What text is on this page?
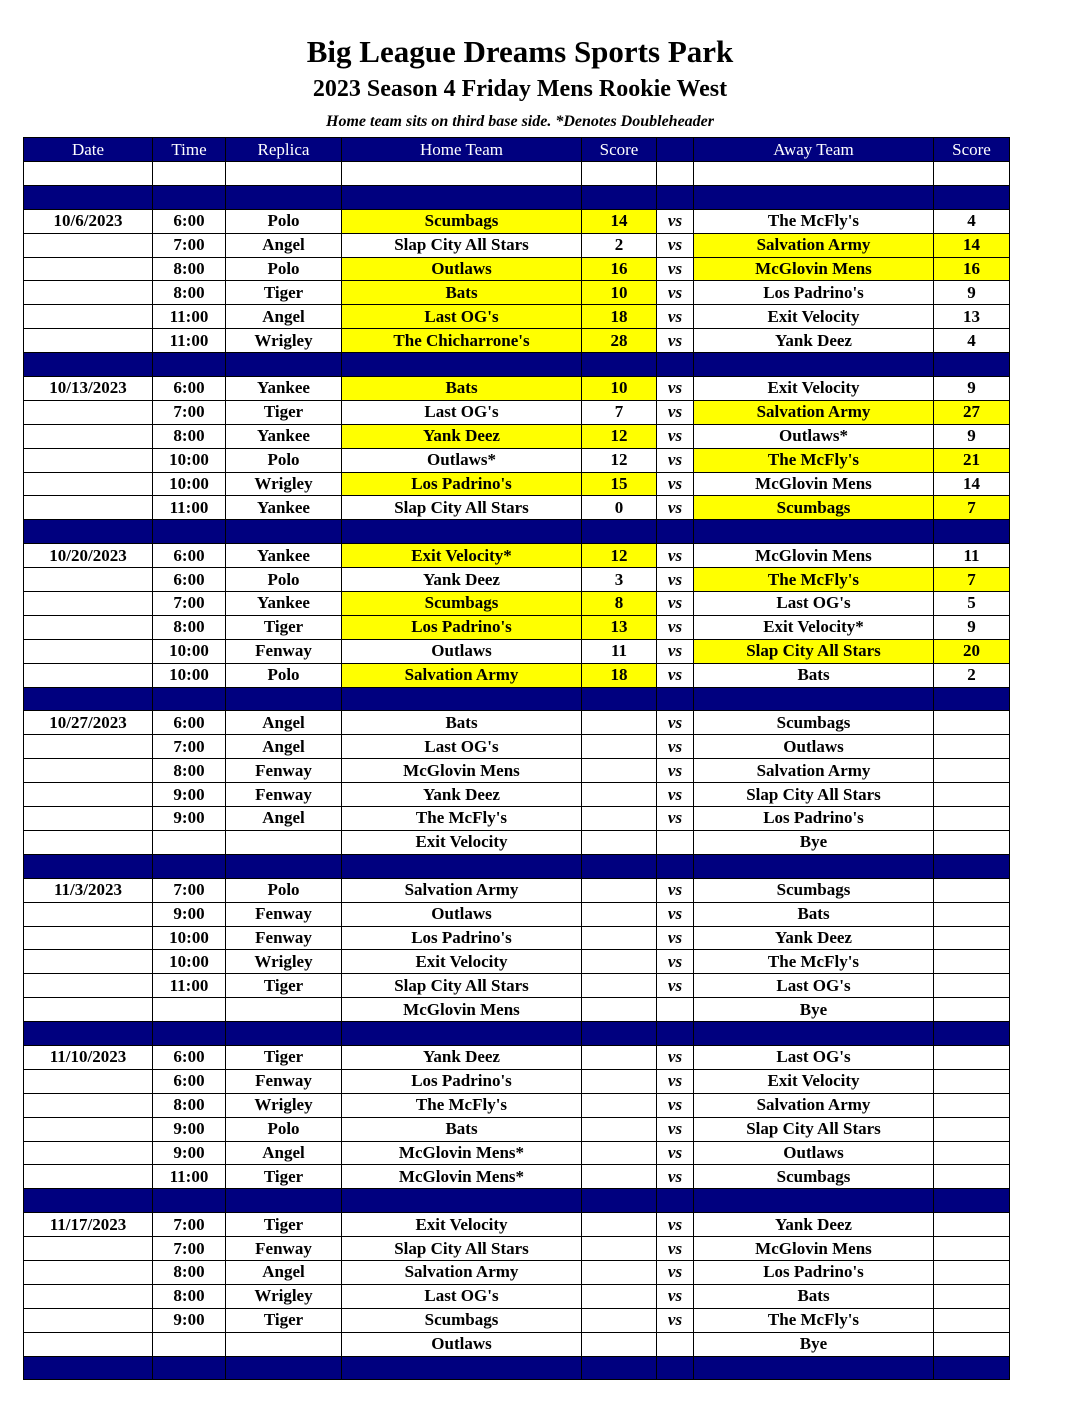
Big League Dreams Sports Park
2023 Season 4 Friday Mens Rookie West
Home team sits on third base side. *Denotes Doubleheader
Date	Time	Replica	Home Team	Score		Away Team	Score

10/6/2023	6:00	Polo	Scumbags	14	vs	The McFly's	4
	7:00	Angel	Slap City All Stars	2	vs	Salvation Army	14
	8:00	Polo	Outlaws	16	vs	McGlovin Mens	16
	8:00	Tiger	Bats	10	vs	Los Padrino's	9
	11:00	Angel	Last OG's	18	vs	Exit Velocity	13
	11:00	Wrigley	The Chicharrone's	28	vs	Yank Deez	4

10/13/2023	6:00	Yankee	Bats	10	vs	Exit Velocity	9
	7:00	Tiger	Last OG's	7	vs	Salvation Army	27
	8:00	Yankee	Yank Deez	12	vs	Outlaws*	9
	10:00	Polo	Outlaws*	12	vs	The McFly's	21
	10:00	Wrigley	Los Padrino's	15	vs	McGlovin Mens	14
	11:00	Yankee	Slap City All Stars	0	vs	Scumbags	7

10/20/2023	6:00	Yankee	Exit Velocity*	12	vs	McGlovin Mens	11
	6:00	Polo	Yank Deez	3	vs	The McFly's	7
	7:00	Yankee	Scumbags	8	vs	Last OG's	5
	8:00	Tiger	Los Padrino's	13	vs	Exit Velocity*	9
	10:00	Fenway	Outlaws	11	vs	Slap City All Stars	20
	10:00	Polo	Salvation Army	18	vs	Bats	2

10/27/2023	6:00	Angel	Bats		vs	Scumbags	
	7:00	Angel	Last OG's		vs	Outlaws	
	8:00	Fenway	McGlovin Mens		vs	Salvation Army	
	9:00	Fenway	Yank Deez		vs	Slap City All Stars	
	9:00	Angel	The McFly's		vs	Los Padrino's	
			Exit Velocity			Bye	

11/3/2023	7:00	Polo	Salvation Army		vs	Scumbags	
	9:00	Fenway	Outlaws		vs	Bats	
	10:00	Fenway	Los Padrino's		vs	Yank Deez	
	10:00	Wrigley	Exit Velocity		vs	The McFly's	
	11:00	Tiger	Slap City All Stars		vs	Last OG's	
			McGlovin Mens			Bye	

11/10/2023	6:00	Tiger	Yank Deez		vs	Last OG's	
	6:00	Fenway	Los Padrino's		vs	Exit Velocity	
	8:00	Wrigley	The McFly's		vs	Salvation Army	
	9:00	Polo	Bats		vs	Slap City All Stars	
	9:00	Angel	McGlovin Mens*		vs	Outlaws	
	11:00	Tiger	McGlovin Mens*		vs	Scumbags	

11/17/2023	7:00	Tiger	Exit Velocity		vs	Yank Deez	
	7:00	Fenway	Slap City All Stars		vs	McGlovin Mens	
	8:00	Angel	Salvation Army		vs	Los Padrino's	
	8:00	Wrigley	Last OG's		vs	Bats	
	9:00	Tiger	Scumbags		vs	The McFly's	
			Outlaws			Bye	
